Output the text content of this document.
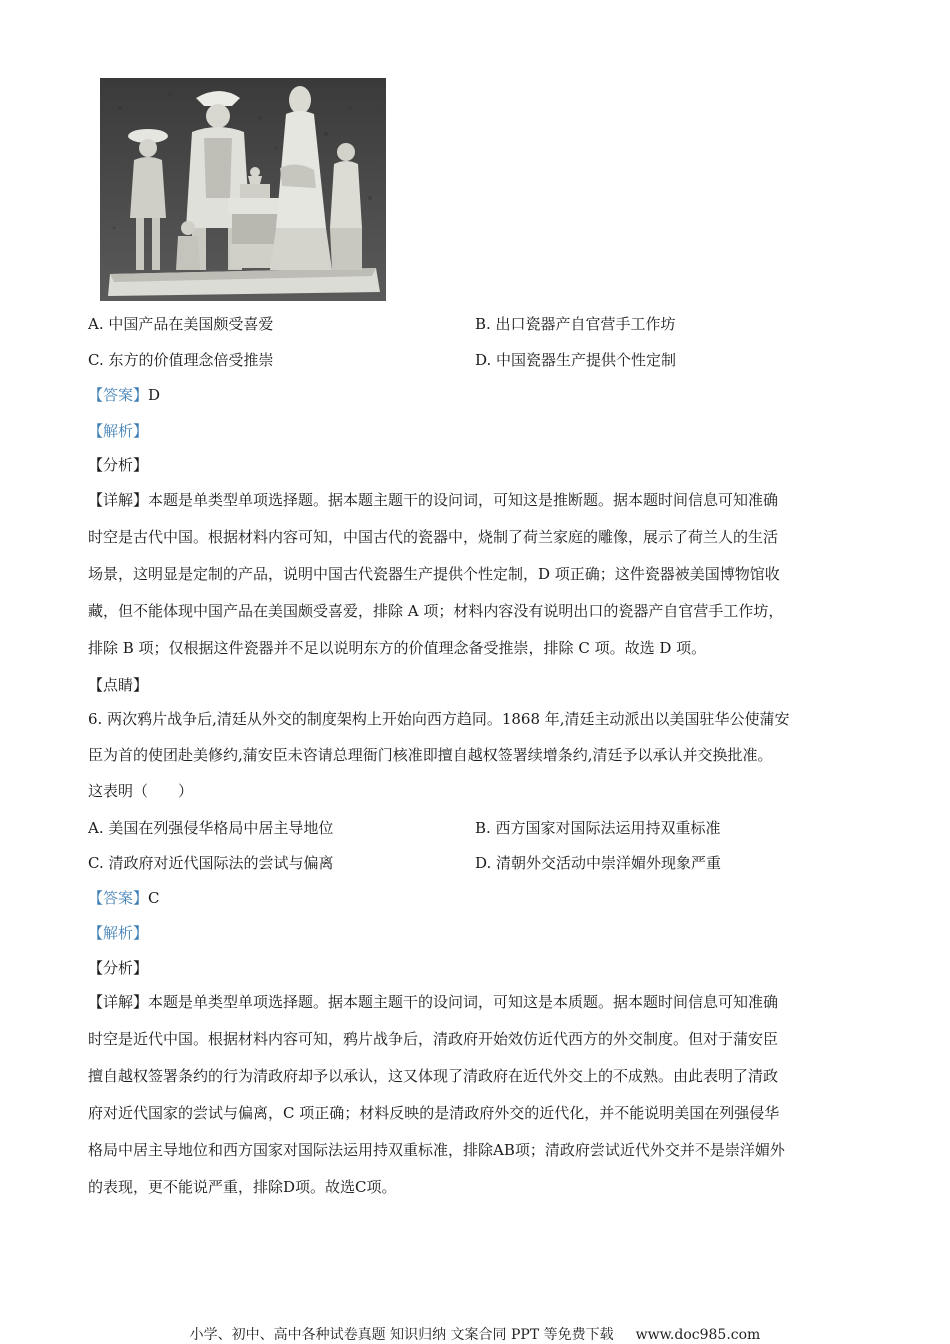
A. 中国产品在美国颇受喜爱	B. 出口瓷器产自官营手工作坊
C. 东方的价值理念倍受推崇	D. 中国瓷器生产提供个性定制
【答案】D
【解析】
【分析】
【详解】本题是单类型单项选择题。据本题主题干的设问词，可知这是推断题。据本题时间信息可知准确
时空是古代中国。根据材料内容可知，中国古代的瓷器中，烧制了荷兰家庭的雕像，展示了荷兰人的生活
场景，这明显是定制的产品，说明中国古代瓷器生产提供个性定制，D 项正确；这件瓷器被美国博物馆收
藏，但不能体现中国产品在美国颇受喜爱，排除 A 项；材料内容没有说明出口的瓷器产自官营手工作坊，
排除 B 项；仅根据这件瓷器并不足以说明东方的价值理念备受推崇，排除 C 项。故选 D 项。
【点睛】
6. 两次鸦片战争后,清廷从外交的制度架构上开始向西方趋同。1868 年,清廷主动派出以美国驻华公使蒲安
臣为首的使团赴美修约,蒲安臣未咨请总理衙门核准即擅自越权签署续增条约,清廷予以承认并交换批准。
这表明（　　）
A. 美国在列强侵华格局中居主导地位	B. 西方国家对国际法运用持双重标准
C. 清政府对近代国际法的尝试与偏离	D. 清朝外交活动中崇洋媚外现象严重
【答案】C
【解析】
【分析】
【详解】本题是单类型单项选择题。据本题主题干的设问词，可知这是本质题。据本题时间信息可知准确
时空是近代中国。根据材料内容可知，鸦片战争后，清政府开始效仿近代西方的外交制度。但对于蒲安臣
擅自越权签署条约的行为清政府却予以承认，这又体现了清政府在近代外交上的不成熟。由此表明了清政
府对近代国家的尝试与偏离，C 项正确；材料反映的是清政府外交的近代化，并不能说明美国在列强侵华
格局中居主导地位和西方国家对国际法运用持双重标准，排除AB项；清政府尝试近代外交并不是崇洋媚外
的表现，更不能说严重，排除D项。故选C项。
小学、初中、高中各种试卷真题 知识归纳 文案合同 PPT 等免费下载 www.doc985.com
